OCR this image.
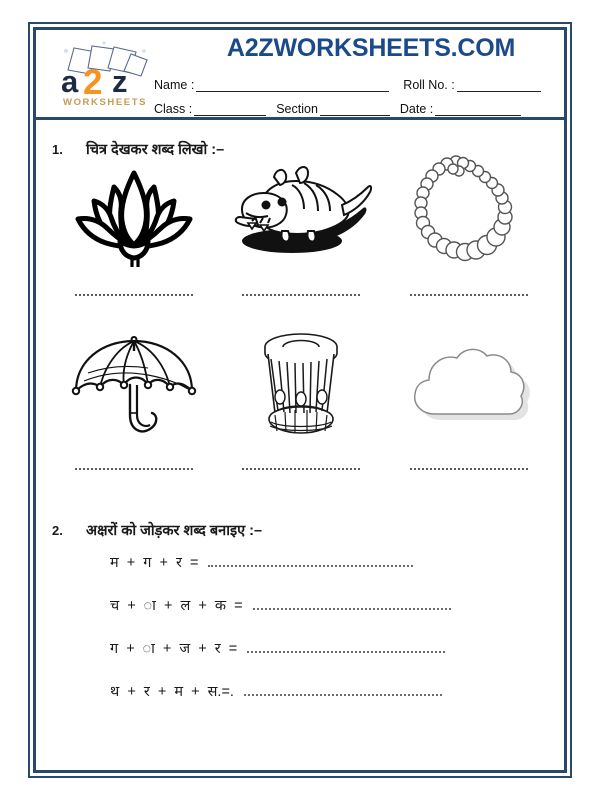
a z
2
WORKSHEETS
A2ZWORKSHEETS.COM
Name :	Roll No. :
Class :	Section	Date :
1.	चित्र देखकर शब्द लिखो :–
2.	अक्षरों को जोड़कर शब्द बनाइए :–
म  +  ग  +  र  =
च  +  ा  +  ल  +  क  =
ग  +  ा  +  ज  +  र  =
थ  +  र  +  म  +  स.=.
